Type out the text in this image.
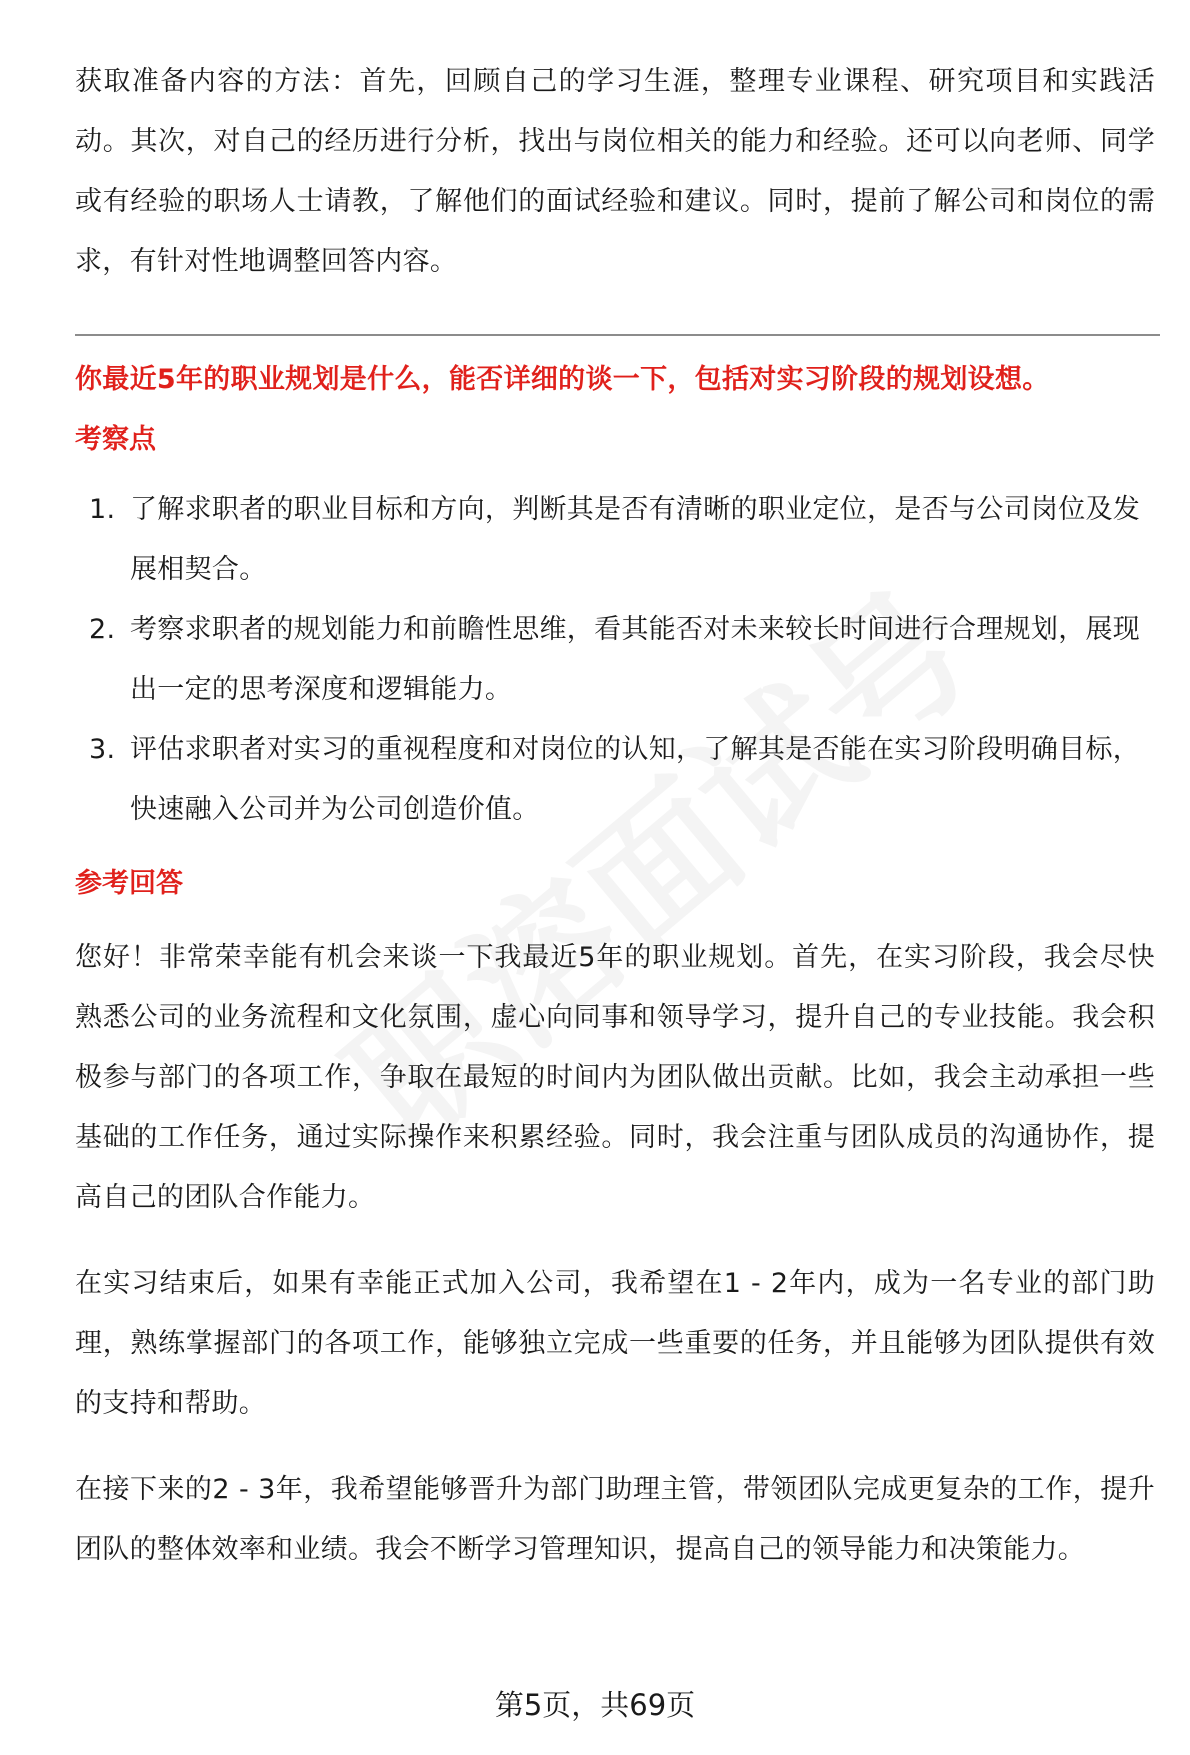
获取准备内容的方法：首先，回顾自己的学习生涯，整理专业课程、研究项目和实践活动。其次，对自己的经历进行分析，找出与岗位相关的能力和经验。还可以向老师、同学或有经验的职场人士请教，了解他们的面试经验和建议。同时，提前了解公司和岗位的需求，有针对性地调整回答内容。

你最近5年的职业规划是什么，能否详细的谈一下，包括对实习阶段的规划设想。

考察点

1. 了解求职者的职业目标和方向，判断其是否有清晰的职业定位，是否与公司岗位及发展相契合。
2. 考察求职者的规划能力和前瞻性思维，看其能否对未来较长时间进行合理规划，展现出一定的思考深度和逻辑能力。
3. 评估求职者对实习的重视程度和对岗位的认知，了解其是否能在实习阶段明确目标，快速融入公司并为公司创造价值。

参考回答

您好！非常荣幸能有机会来谈一下我最近5年的职业规划。首先，在实习阶段，我会尽快熟悉公司的业务流程和文化氛围，虚心向同事和领导学习，提升自己的专业技能。我会积极参与部门的各项工作，争取在最短的时间内为团队做出贡献。比如，我会主动承担一些基础的工作任务，通过实际操作来积累经验。同时，我会注重与团队成员的沟通协作，提高自己的团队合作能力。

在实习结束后，如果有幸能正式加入公司，我希望在1 - 2年内，成为一名专业的部门助理，熟练掌握部门的各项工作，能够独立完成一些重要的任务，并且能够为团队提供有效的支持和帮助。

在接下来的2 - 3年，我希望能够晋升为部门助理主管，带领团队完成更复杂的工作，提升团队的整体效率和业绩。我会不断学习管理知识，提高自己的领导能力和决策能力。

第5页，共69页
